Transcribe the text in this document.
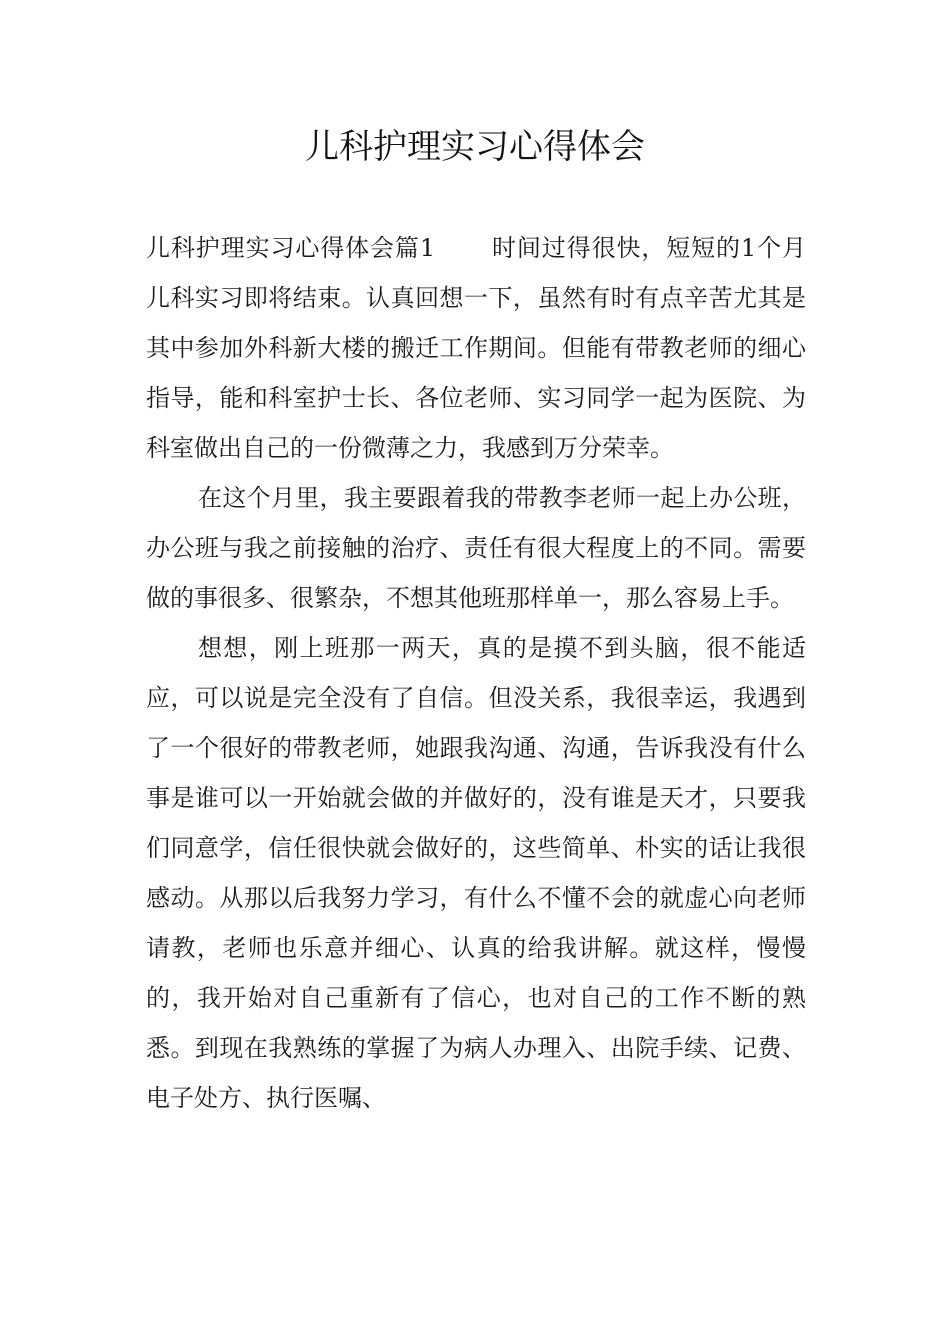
儿科护理实习心得体会

儿科护理实习心得体会篇1 时间过得很快，短短的1个月儿科实习即将结束。认真回想一下，虽然有时有点辛苦尤其是其中参加外科新大楼的搬迁工作期间。但能有带教老师的细心指导，能和科室护士长、各位老师、实习同学一起为医院、为科室做出自己的一份微薄之力，我感到万分荣幸。

在这个月里，我主要跟着我的带教李老师一起上办公班，办公班与我之前接触的治疗、责任有很大程度上的不同。需要做的事很多、很繁杂，不想其他班那样单一，那么容易上手。

想想，刚上班那一两天，真的是摸不到头脑，很不能适应，可以说是完全没有了自信。但没关系，我很幸运，我遇到了一个很好的带教老师，她跟我沟通、沟通，告诉我没有什么事是谁可以一开始就会做的并做好的，没有谁是天才，只要我们同意学，信任很快就会做好的，这些简单、朴实的话让我很感动。从那以后我努力学习，有什么不懂不会的就虚心向老师请教，老师也乐意并细心、认真的给我讲解。就这样，慢慢的，我开始对自己重新有了信心，也对自己的工作不断的熟悉。到现在我熟练的掌握了为病人办理入、出院手续、记费、电子处方、执行医嘱、
